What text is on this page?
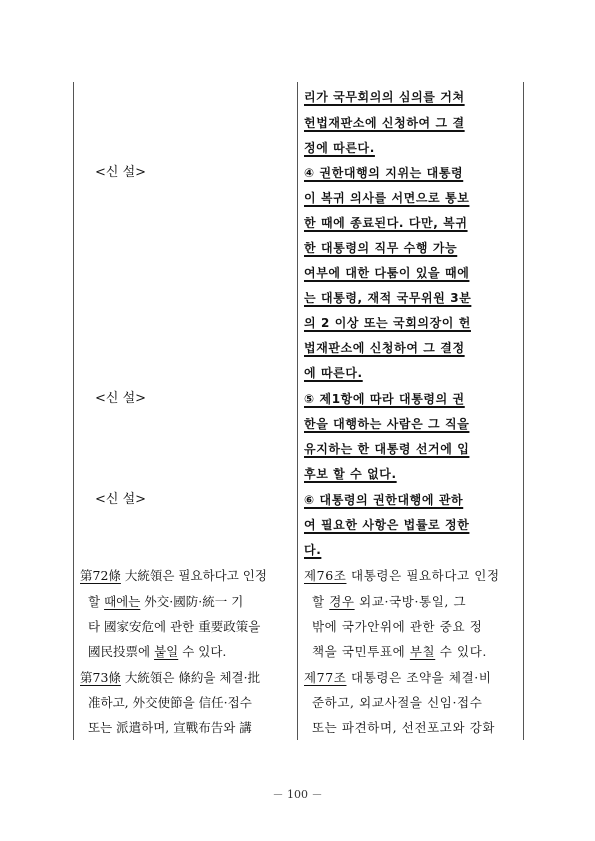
<신 설>
<신 설>
<신 설>
리가 국무회의의 심의를 거쳐
헌법재판소에 신청하여 그 결
정에 따른다.
④ 권한대행의 지위는 대통령
이 복귀 의사를 서면으로 통보
한 때에 종료된다. 다만, 복귀
한 대통령의 직무 수행 가능
여부에 대한 다툼이 있을 때에
는 대통령, 재적 국무위원 3분
의 2 이상 또는 국회의장이 헌
법재판소에 신청하여 그 결정
에 따른다.
⑤ 제1항에 따라 대통령의 권
한을 대행하는 사람은 그 직을
유지하는 한 대통령 선거에 입
후보 할 수 없다.
⑥ 대통령의 권한대행에 관하
여 필요한 사항은 법률로 정한
다.
第72條 大統領은 필요하다고 인정
할 때에는 外交·國防·統一 기
타 國家安危에 관한 重要政策을
國民投票에 붙일 수 있다.
제76조 대통령은 필요하다고 인정
할 경우 외교·국방·통일, 그
밖에 국가안위에 관한 중요 정
책을 국민투표에 부칠 수 있다.
第73條 大統領은 條約을 체결·批
准하고, 外交使節을 信任·접수
또는 派遣하며, 宣戰布告와 講
제77조 대통령은 조약을 체결·비
준하고, 외교사절을 신임·접수
또는 파견하며, 선전포고와 강화
－ 100 －
